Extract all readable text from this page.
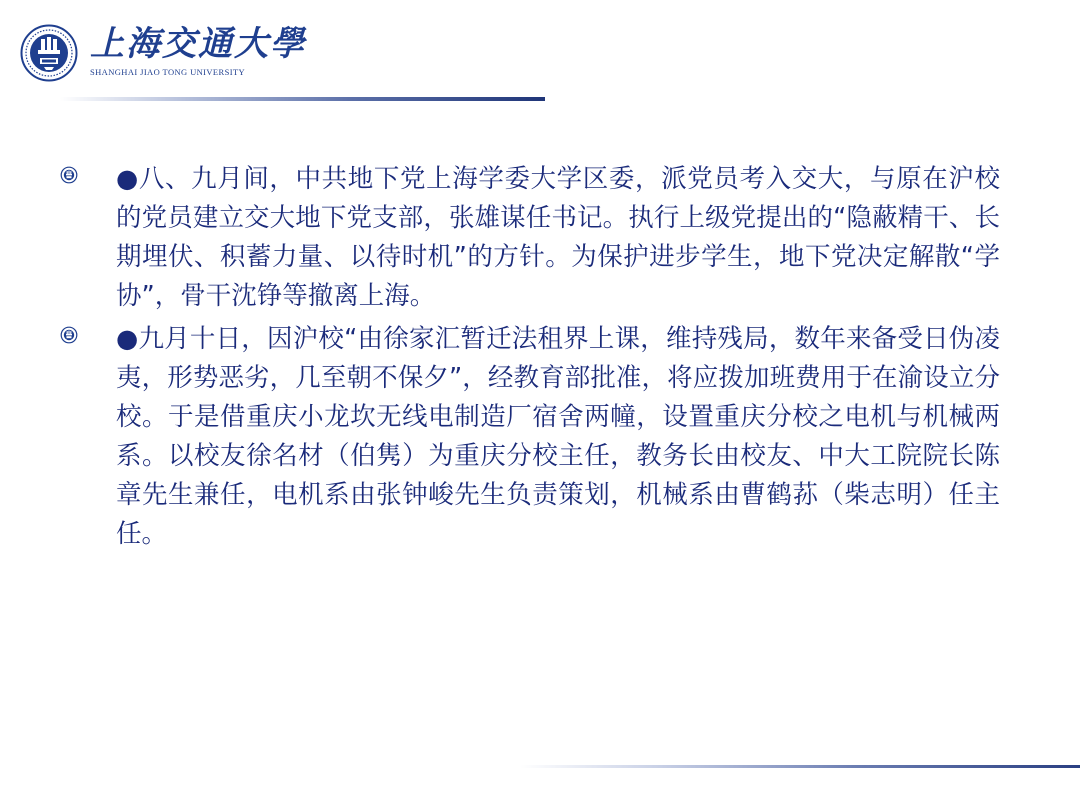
上海交通大學
SHANGHAI JIAO TONG UNIVERSITY

●八、九月间，中共地下党上海学委大学区委，派党员考入交大，与原在沪校的党员建立交大地下党支部，张雄谋任书记。执行上级党提出的“隐蔽精干、长期埋伏、积蓄力量、以待时机”的方针。为保护进步学生，地下党决定解散“学协”，骨干沈铮等撤离上海。

●九月十日，因沪校“由徐家汇暂迁法租界上课，维持残局，数年来备受日伪凌夷，形势恶劣，几至朝不保夕”，经教育部批准，将应拨加班费用于在渝设立分校。于是借重庆小龙坎无线电制造厂宿舍两幢，设置重庆分校之电机与机械两系。以校友徐名材（伯隽）为重庆分校主任，教务长由校友、中大工院院长陈章先生兼任，电机系由张钟峻先生负责策划，机械系由曹鹤荪（柴志明）任主任。
